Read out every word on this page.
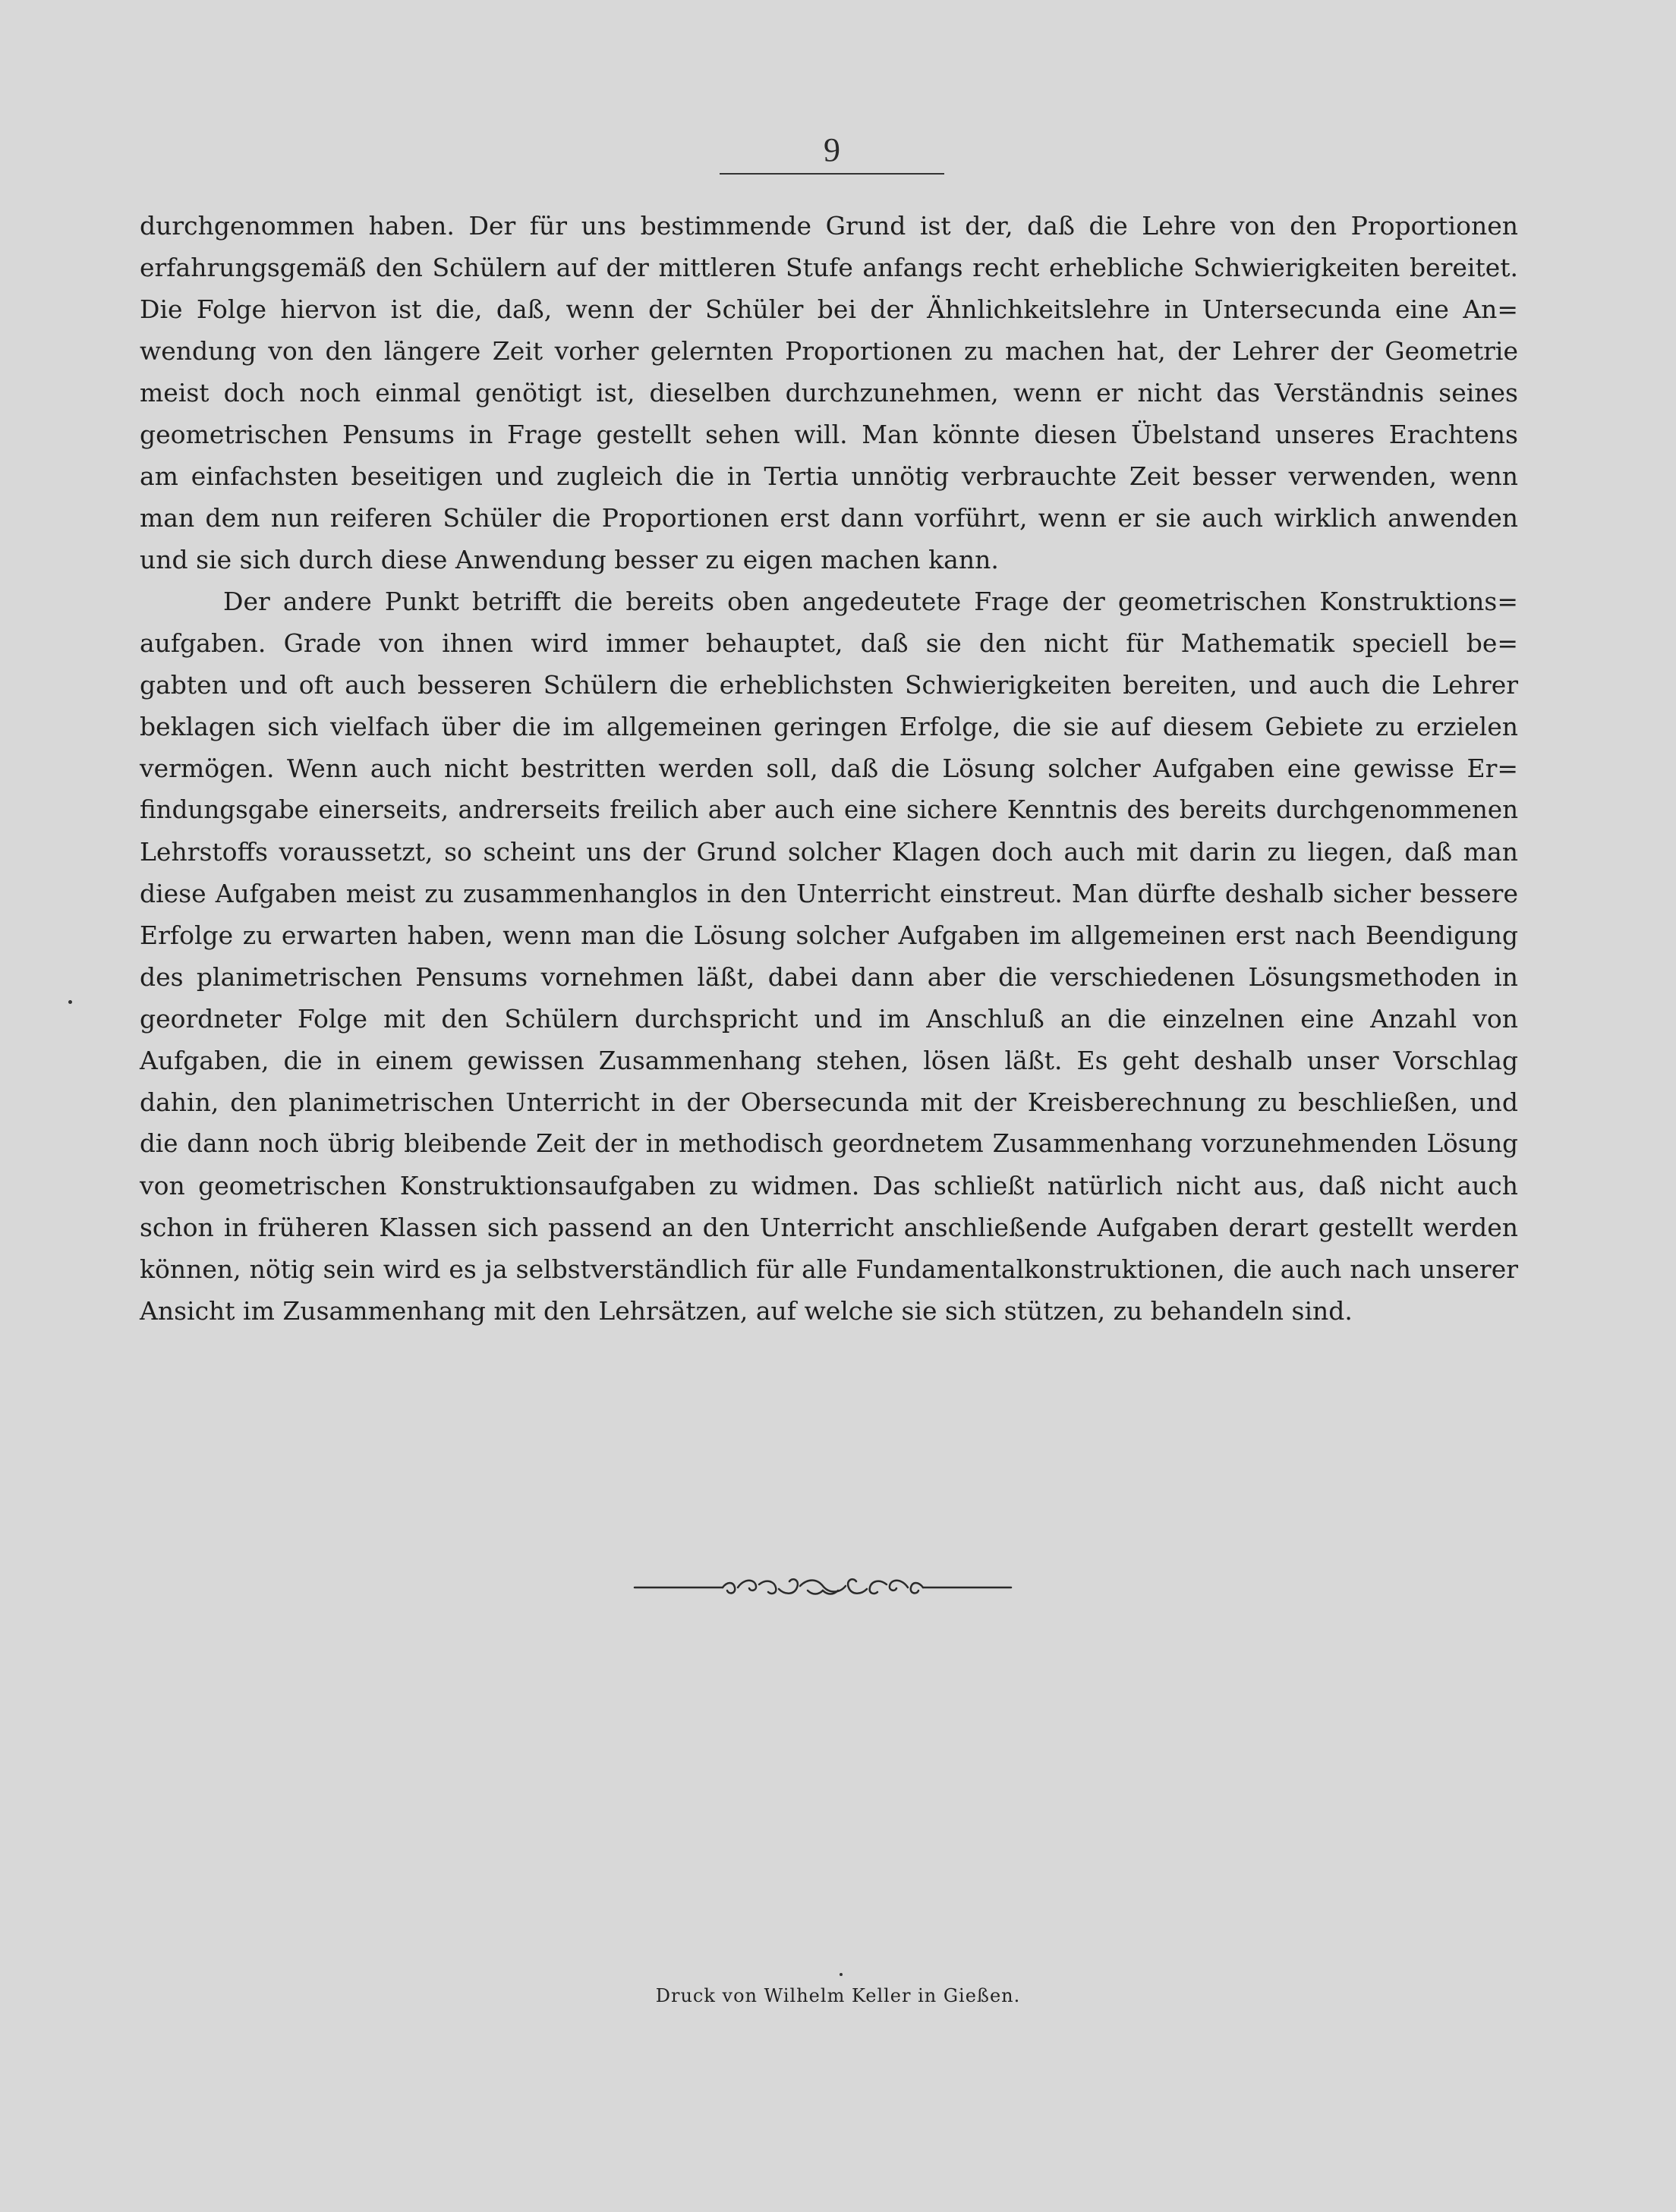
9
durchgenommen haben. Der für uns bestimmende Grund ist der, daß die Lehre von den Proportionen
erfahrungsgemäß den Schülern auf der mittleren Stufe anfangs recht erhebliche Schwierigkeiten bereitet.
Die Folge hiervon ist die, daß, wenn der Schüler bei der Ähnlichkeitslehre in Untersecunda eine An=
wendung von den längere Zeit vorher gelernten Proportionen zu machen hat, der Lehrer der Geometrie
meist doch noch einmal genötigt ist, dieselben durchzunehmen, wenn er nicht das Verständnis seines
geometrischen Pensums in Frage gestellt sehen will. Man könnte diesen Übelstand unseres Erachtens
am einfachsten beseitigen und zugleich die in Tertia unnötig verbrauchte Zeit besser verwenden, wenn
man dem nun reiferen Schüler die Proportionen erst dann vorführt, wenn er sie auch wirklich anwenden
und sie sich durch diese Anwendung besser zu eigen machen kann.
Der andere Punkt betrifft die bereits oben angedeutete Frage der geometrischen Konstruktions=
aufgaben. Grade von ihnen wird immer behauptet, daß sie den nicht für Mathematik speciell be=
gabten und oft auch besseren Schülern die erheblichsten Schwierigkeiten bereiten, und auch die Lehrer
beklagen sich vielfach über die im allgemeinen geringen Erfolge, die sie auf diesem Gebiete zu erzielen
vermögen. Wenn auch nicht bestritten werden soll, daß die Lösung solcher Aufgaben eine gewisse Er=
findungsgabe einerseits, andrerseits freilich aber auch eine sichere Kenntnis des bereits durchgenommenen
Lehrstoffs voraussetzt, so scheint uns der Grund solcher Klagen doch auch mit darin zu liegen, daß man
diese Aufgaben meist zu zusammenhanglos in den Unterricht einstreut. Man dürfte deshalb sicher bessere
Erfolge zu erwarten haben, wenn man die Lösung solcher Aufgaben im allgemeinen erst nach Beendigung
des planimetrischen Pensums vornehmen läßt, dabei dann aber die verschiedenen Lösungsmethoden in
geordneter Folge mit den Schülern durchspricht und im Anschluß an die einzelnen eine Anzahl von
Aufgaben, die in einem gewissen Zusammenhang stehen, lösen läßt. Es geht deshalb unser Vorschlag
dahin, den planimetrischen Unterricht in der Obersecunda mit der Kreisberechnung zu beschließen, und
die dann noch übrig bleibende Zeit der in methodisch geordnetem Zusammenhang vorzunehmenden Lösung
von geometrischen Konstruktionsaufgaben zu widmen. Das schließt natürlich nicht aus, daß nicht auch
schon in früheren Klassen sich passend an den Unterricht anschließende Aufgaben derart gestellt werden
können, nötig sein wird es ja selbstverständlich für alle Fundamentalkonstruktionen, die auch nach unserer
Ansicht im Zusammenhang mit den Lehrsätzen, auf welche sie sich stützen, zu behandeln sind.
Druck von Wilhelm Keller in Gießen.
